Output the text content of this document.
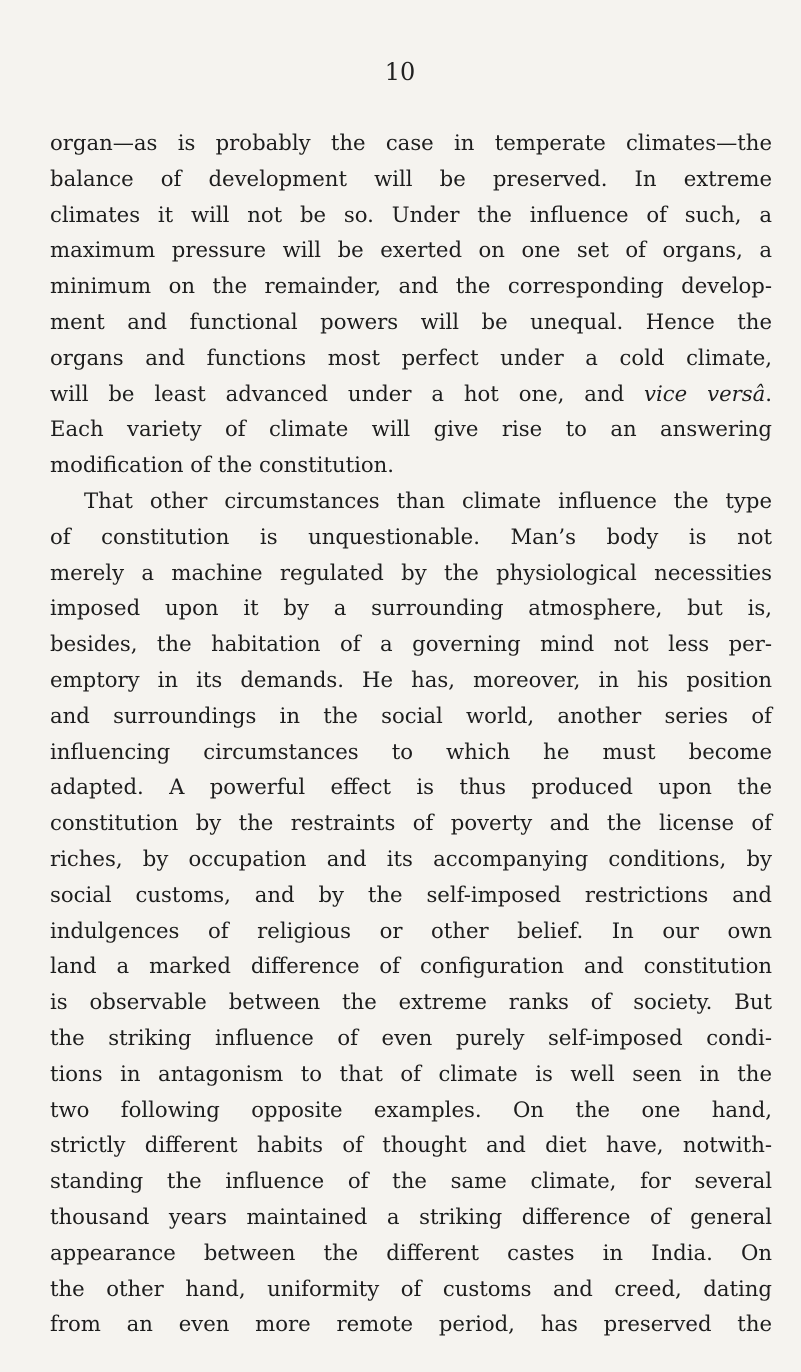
10
organ—as is probably the case in temperate climates—the
balance of development will be preserved. In extreme
climates it will not be so. Under the influence of such, a
maximum pressure will be exerted on one set of organs, a
minimum on the remainder, and the corresponding develop-
ment and functional powers will be unequal. Hence the
organs and functions most perfect under a cold climate,
will be least advanced under a hot one, and vice versâ.
Each variety of climate will give rise to an answering
modification of the constitution.
That other circumstances than climate influence the type
of constitution is unquestionable. Man’s body is not
merely a machine regulated by the physiological necessities
imposed upon it by a surrounding atmosphere, but is,
besides, the habitation of a governing mind not less per-
emptory in its demands. He has, moreover, in his position
and surroundings in the social world, another series of
influencing circumstances to which he must become
adapted. A powerful effect is thus produced upon the
constitution by the restraints of poverty and the license of
riches, by occupation and its accompanying conditions, by
social customs, and by the self-imposed restrictions and
indulgences of religious or other belief. In our own
land a marked difference of configuration and constitution
is observable between the extreme ranks of society. But
the striking influence of even purely self-imposed condi-
tions in antagonism to that of climate is well seen in the
two following opposite examples. On the one hand,
strictly different habits of thought and diet have, notwith-
standing the influence of the same climate, for several
thousand years maintained a striking difference of general
appearance between the different castes in India. On
the other hand, uniformity of customs and creed, dating
from an even more remote period, has preserved the
